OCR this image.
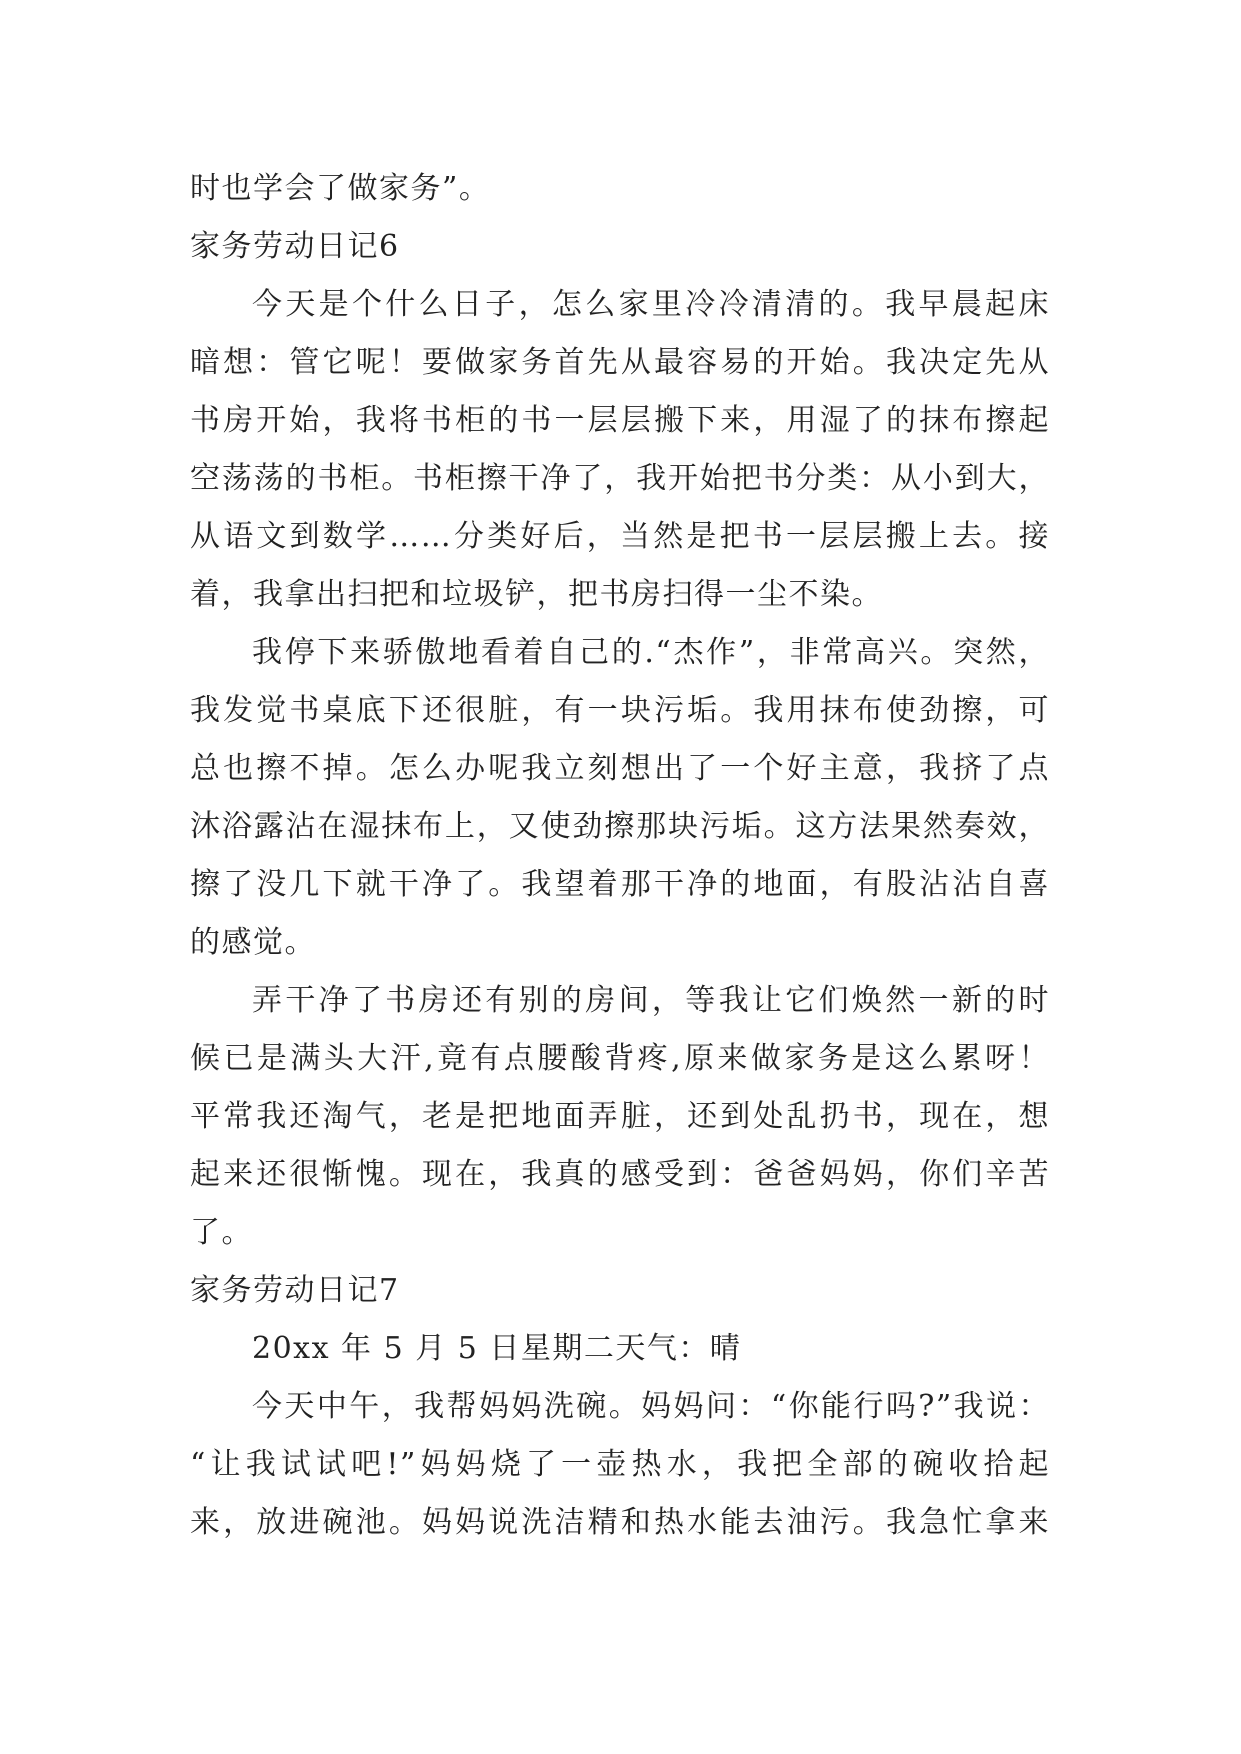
时也学会了做家务”。
家务劳动日记6
今天是个什么日子，怎么家里冷冷清清的。我早晨起床
暗想：管它呢！要做家务首先从最容易的开始。我决定先从
书房开始，我将书柜的书一层层搬下来，用湿了的抹布擦起
空荡荡的书柜。书柜擦干净了，我开始把书分类：从小到大，
从语文到数学……分类好后，当然是把书一层层搬上去。接
着，我拿出扫把和垃圾铲，把书房扫得一尘不染。
我停下来骄傲地看着自己的.“杰作”，非常高兴。突然，
我发觉书桌底下还很脏，有一块污垢。我用抹布使劲擦，可
总也擦不掉。怎么办呢我立刻想出了一个好主意，我挤了点
沐浴露沾在湿抹布上，又使劲擦那块污垢。这方法果然奏效，
擦了没几下就干净了。我望着那干净的地面，有股沾沾自喜
的感觉。
弄干净了书房还有别的房间，等我让它们焕然一新的时
候已是满头大汗,竟有点腰酸背疼,原来做家务是这么累呀！
平常我还淘气，老是把地面弄脏，还到处乱扔书，现在，想
起来还很惭愧。现在，我真的感受到：爸爸妈妈，你们辛苦
了。
家务劳动日记7
20xx 年 5 月 5 日星期二天气：晴
今天中午，我帮妈妈洗碗。妈妈问：“你能行吗?”我说：
“让我试试吧!”妈妈烧了一壶热水，我把全部的碗收拾起
来，放进碗池。妈妈说洗洁精和热水能去油污。我急忙拿来
